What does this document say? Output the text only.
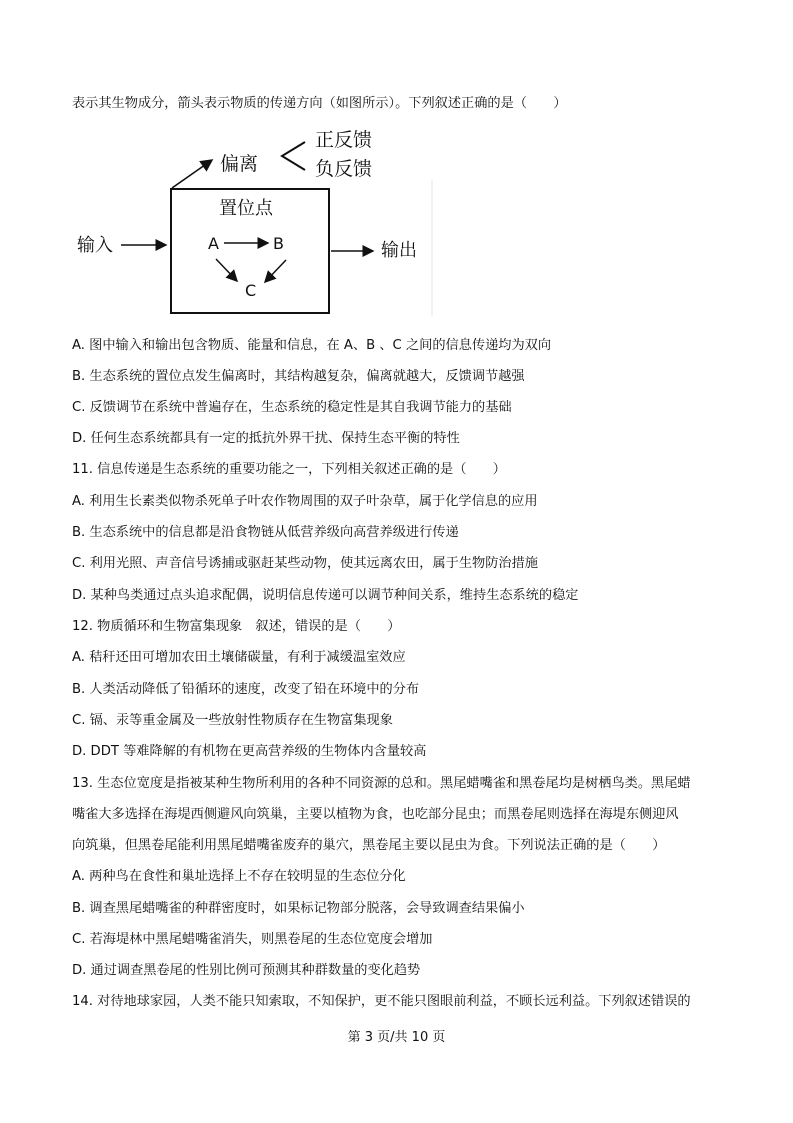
表示其生物成分，箭头表示物质的传递方向（如图所示）。下列叙述正确的是（　　）
偏离
正反馈
负反馈
置位点
A	B
C
输入	输出
A. 图中输入和输出包含物质、能量和信息，在 A、B 、C 之间的信息传递均为双向
B. 生态系统的置位点发生偏离时，其结构越复杂，偏离就越大，反馈调节越强
C. 反馈调节在系统中普遍存在，生态系统的稳定性是其自我调节能力的基础
D. 任何生态系统都具有一定的抵抗外界干扰、保持生态平衡的特性
11. 信息传递是生态系统的重要功能之一，下列相关叙述正确的是（　　）
A. 利用生长素类似物杀死单子叶农作物周围的双子叶杂草，属于化学信息的应用
B. 生态系统中的信息都是沿食物链从低营养级向高营养级进行传递
C. 利用光照、声音信号诱捕或驱赶某些动物，使其远离农田，属于生物防治措施
D. 某种鸟类通过点头追求配偶，说明信息传递可以调节种间关系，维持生态系统的稳定
12. 物质循环和生物富集现象　叙述，错误的是（　　）
A. 秸秆还田可增加农田土壤储碳量，有利于减缓温室效应
B. 人类活动降低了铅循环的速度，改变了铅在环境中的分布
C. 镉、汞等重金属及一些放射性物质存在生物富集现象
D. DDT 等难降解的有机物在更高营养级的生物体内含量较高
13. 生态位宽度是指被某种生物所利用的各种不同资源的总和。黑尾蜡嘴雀和黑卷尾均是树栖鸟类。黑尾蜡
嘴雀大多选择在海堤西侧避风向筑巢，主要以植物为食，也吃部分昆虫；而黑卷尾则选择在海堤东侧迎风
向筑巢，但黑卷尾能利用黑尾蜡嘴雀废弃的巢穴，黑卷尾主要以昆虫为食。下列说法正确的是（　　）
A. 两种鸟在食性和巢址选择上不存在较明显的生态位分化
B. 调查黑尾蜡嘴雀的种群密度时，如果标记物部分脱落，会导致调查结果偏小
C. 若海堤林中黑尾蜡嘴雀消失，则黑卷尾的生态位宽度会增加
D. 通过调查黑卷尾的性别比例可预测其种群数量的变化趋势
14. 对待地球家园，人类不能只知索取，不知保护，更不能只图眼前利益，不顾长远利益。下列叙述错误的
第 3 页/共 10 页
